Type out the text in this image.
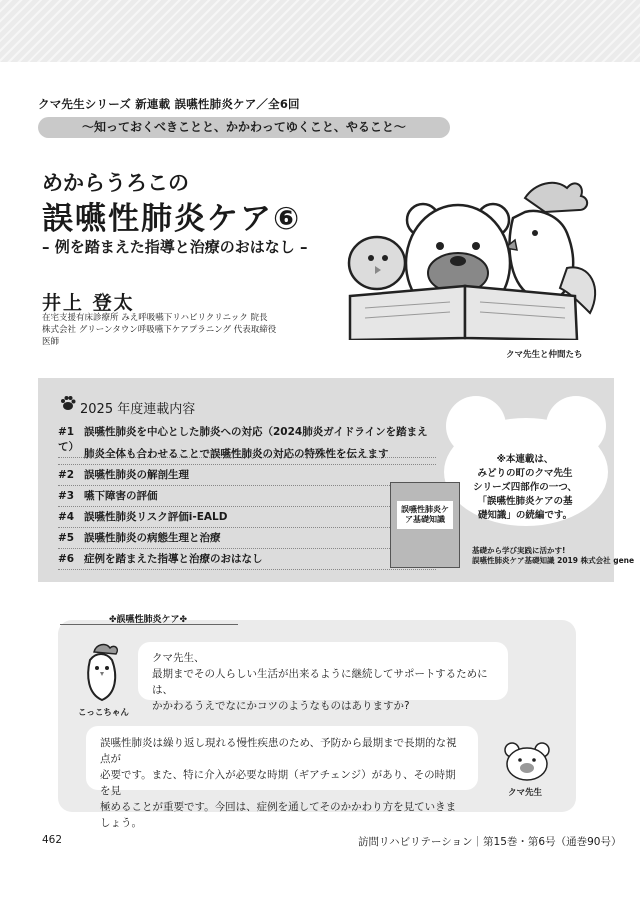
クマ先生シリーズ 新連載 誤嚥性肺炎ケア／全6回
～知っておくべきことと、かかわってゆくこと、やること～
めからうろこの
誤嚥性肺炎ケア⑥
– 例を踏まえた指導と治療のおはなし –
井上 登太
在宅支援有床診療所 みえ呼吸嚥下リハビリクリニック 院長
株式会社 グリーンタウン呼吸嚥下ケアプラニング 代表取締役
医師
クマ先生と仲間たち
2025 年度連載内容
#1 誤嚥性肺炎を中心とした肺炎への対応（2024肺炎ガイドラインを踏まえて）
肺炎全体も合わせることで誤嚥性肺炎の対応の特殊性を伝えます
#2 誤嚥性肺炎の解剖生理
#3 嚥下障害の評価
#4 誤嚥性肺炎リスク評価i-EALD
#5 誤嚥性肺炎の病態生理と治療
#6 症例を踏まえた指導と治療のおはなし
※本連載は、
みどりの町のクマ先生
シリーズ四部作の一つ、
「誤嚥性肺炎ケアの基
礎知識」の続編です。
誤嚥性肺炎ケア基礎知識
基礎から学び実践に活かす!
誤嚥性肺炎ケア基礎知識 2019 株式会社 gene
✤誤嚥性肺炎ケア✤
こっこちゃん
クマ先生、
最期までその人らしい生活が出来るように継続してサポートするためには、
かかわるうえでなにかコツのようなものはありますか?
誤嚥性肺炎は繰り返し現れる慢性疾患のため、予防から最期まで長期的な視点が
必要です。また、特に介入が必要な時期（ギアチェンジ）があり、その時期を見
極めることが重要です。今回は、症例を通してそのかかわり方を見ていきましょう。
クマ先生
462	訪問リハビリテーション｜第15巻・第6号（通巻90号）
